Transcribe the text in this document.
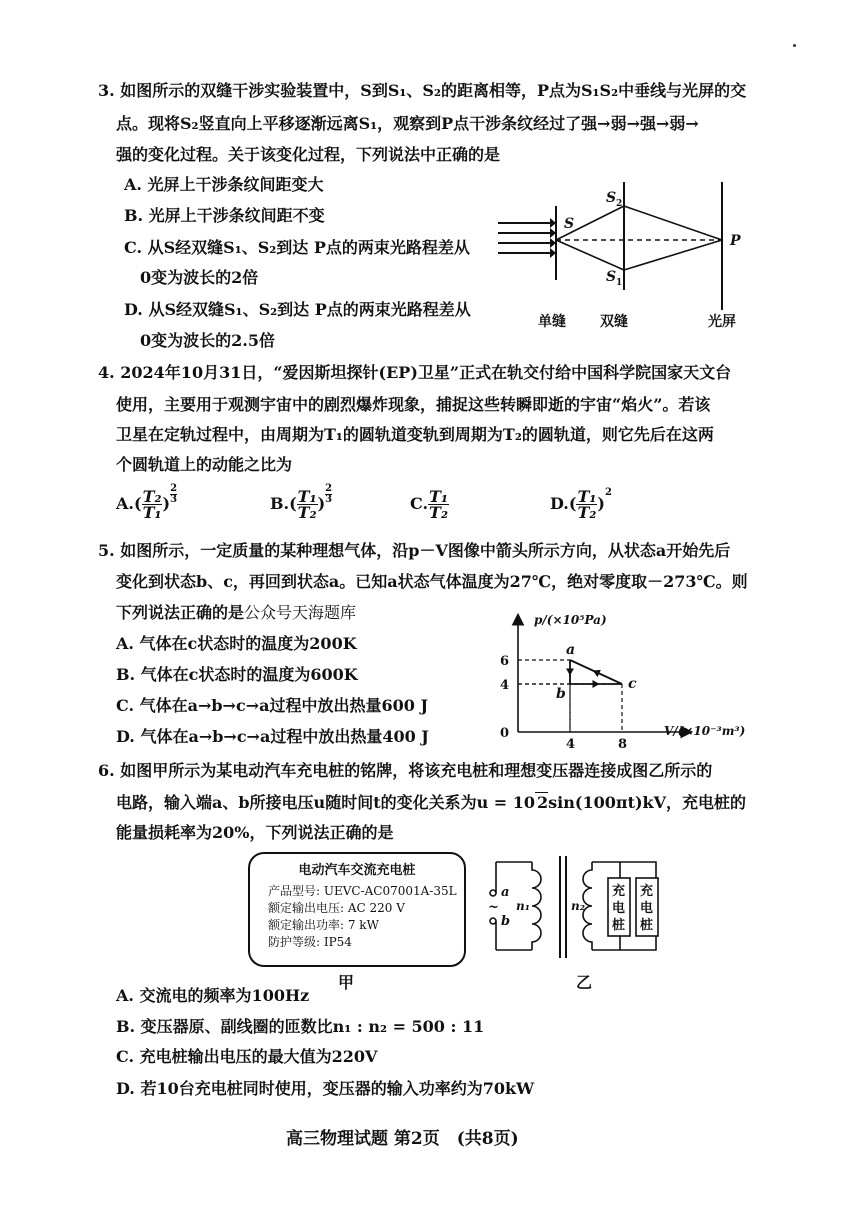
3. 如图所示的双缝干涉实验装置中，S到S₁、S₂的距离相等，P点为S₁S₂中垂线与光屏的交
点。现将S₂竖直向上平移逐渐远离S₁，观察到P点干涉条纹经过了强→弱→强→弱→
强的变化过程。关于该变化过程，下列说法中正确的是
A. 光屏上干涉条纹间距变大
B. 光屏上干涉条纹间距不变
C. 从S经双缝S₁、S₂到达 P点的两束光路程差从
0变为波长的2倍
D. 从S经双缝S₁、S₂到达 P点的两束光路程差从
0变为波长的2.5倍
S
S 2
S 1
P
单缝 双缝	光屏
4. 2024年10月31日，“爱因斯坦探针(EP)卫星”正式在轨交付给中国科学院国家天文台
使用，主要用于观测宇宙中的剧烈爆炸现象，捕捉这些转瞬即逝的宇宙“焰火”。若该
卫星在定轨过程中，由周期为T₁的圆轨道变轨到周期为T₂的圆轨道，则它先后在这两
个圆轨道上的动能之比为
$A.( \frac{\text{T₂}}{\text{T₁}}$ ) $\frac{2}{3}$	$B.( \frac{\text{T₁}}{\text{T₂}}$ ) $\frac{2}{3}$	C. $\frac{\text{T₁}}{\text{T₂}}$	$D.( \frac{\text{T₁}}{\text{T₂}} )2$
5. 如图所示，一定质量的某种理想气体，沿p－V图像中箭头所示方向，从状态a开始先后
变化到状态b、c，再回到状态a。已知a状态气体温度为27℃，绝对零度取－273℃。则
下列说法正确的是公众号天海题库
A. 气体在c状态时的温度为200K
B. 气体在c状态时的温度为600K
C. 气体在a→b→c→a过程中放出热量600 J
D. 气体在a→b→c→a过程中放出热量400 J
p/(×10⁵Pa)
V/(×10⁻³m³)
0
a
b
c
4	8
4
6
6. 如图甲所示为某电动汽车充电桩的铭牌，将该充电桩和理想变压器连接成图乙所示的
电路，输入端a、b所接电压u随时间t的变化关系为u = 10 2sin(100πt)kV，充电桩的
能量损耗率为20%，下列说法正确的是
电动汽车交流充电桩
产品型号: UEVC-AC07001A-35L
额定输出电压: AC 220 V
额定输出功率: 7 kW
防护等级: IP54
甲
a
~
b
n₁	n₂
充
电
桩
充
电
桩
乙
A. 交流电的频率为100Hz
B. 变压器原、副线圈的匝数比n₁ : n₂ = 500 : 11
C. 充电桩输出电压的最大值为220V
D. 若10台充电桩同时使用，变压器的输入功率约为70kW
高三物理试题 第2页　(共8页)
